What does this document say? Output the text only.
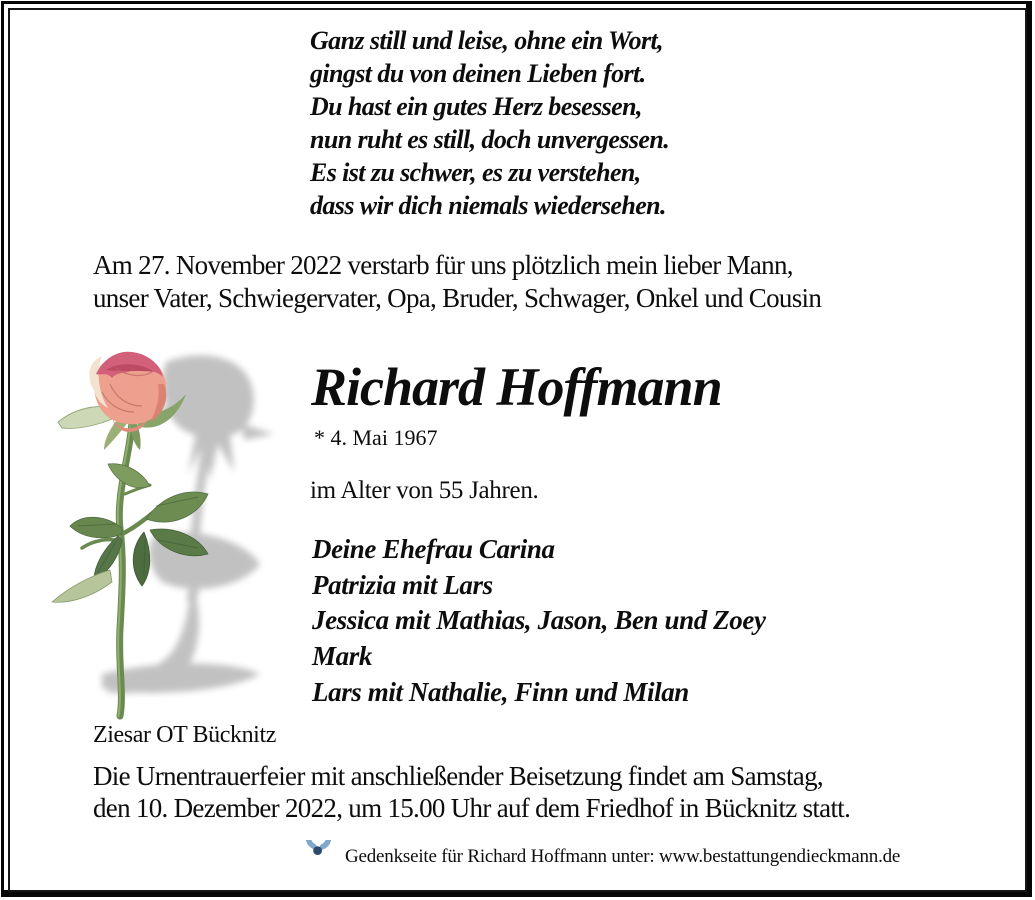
Ganz still und leise, ohne ein Wort,
gingst du von deinen Lieben fort.
Du hast ein gutes Herz besessen,
nun ruht es still, doch unvergessen.
Es ist zu schwer, es zu verstehen,
dass wir dich niemals wiedersehen.
Am 27. November 2022 verstarb für uns plötzlich mein lieber Mann,
unser Vater, Schwiegervater, Opa, Bruder, Schwager, Onkel und Cousin
Richard Hoffmann
* 4. Mai 1967
im Alter von 55 Jahren.
Deine Ehefrau Carina
Patrizia mit Lars
Jessica mit Mathias, Jason, Ben und Zoey
Mark
Lars mit Nathalie, Finn und Milan
Ziesar OT Bücknitz
Die Urnentrauerfeier mit anschließender Beisetzung findet am Samstag,
den 10. Dezember 2022, um 15.00 Uhr auf dem Friedhof in Bücknitz statt.
Gedenkseite für Richard Hoffmann unter: www.bestattungendieckmann.de
